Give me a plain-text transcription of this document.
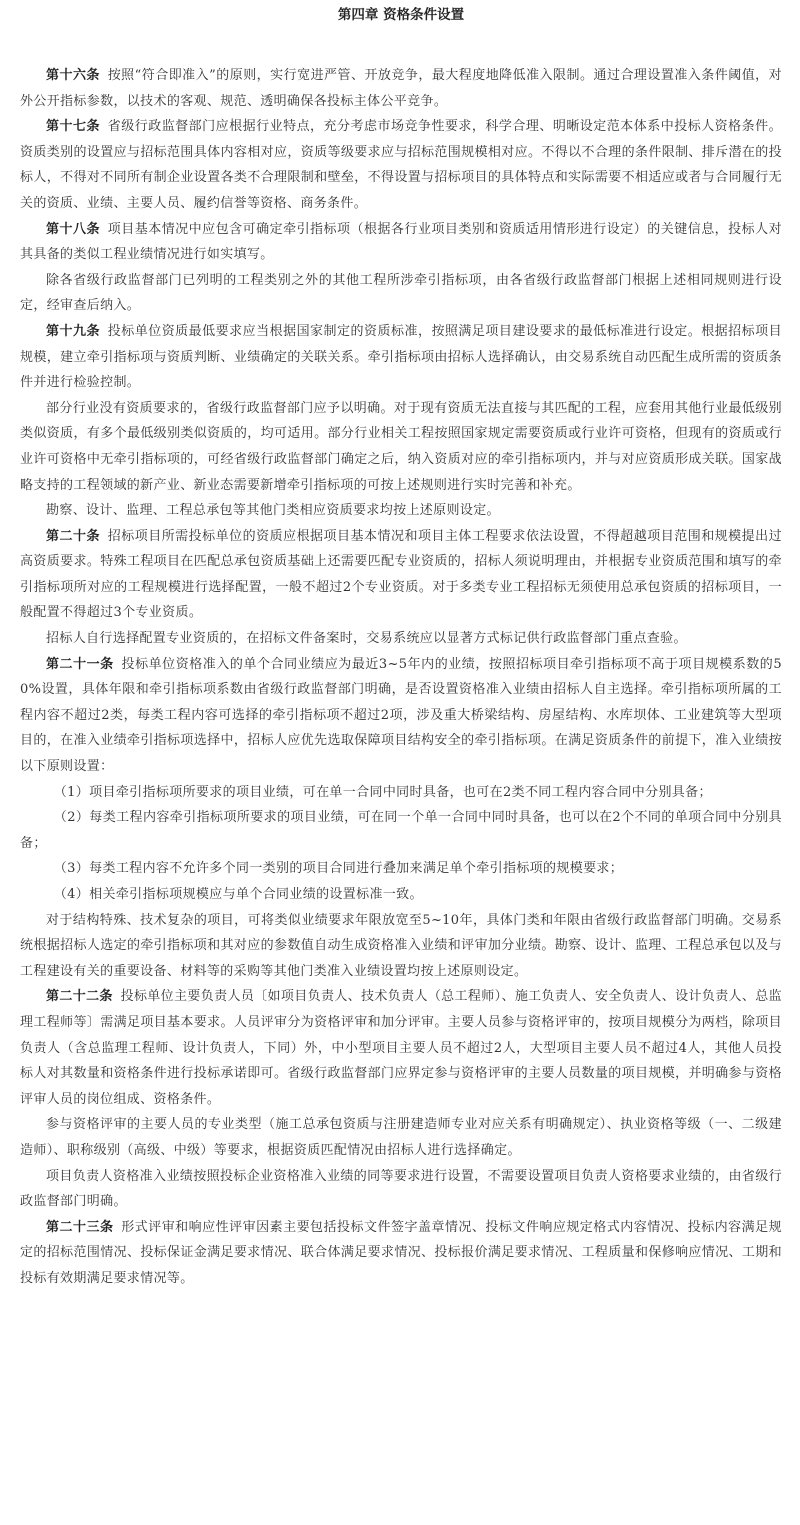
第四章 资格条件设置

第十六条 按照“符合即准入”的原则，实行宽进严管、开放竞争，最大程度地降低准入限制。通过合理设置准入条件阈值，对外公开指标参数，以技术的客观、规范、透明确保各投标主体公平竞争。

第十七条 省级行政监督部门应根据行业特点，充分考虑市场竞争性要求，科学合理、明晰设定范本体系中投标人资格条件。资质类别的设置应与招标范围具体内容相对应，资质等级要求应与招标范围规模相对应。不得以不合理的条件限制、排斥潜在的投标人，不得对不同所有制企业设置各类不合理限制和壁垒，不得设置与招标项目的具体特点和实际需要不相适应或者与合同履行无关的资质、业绩、主要人员、履约信誉等资格、商务条件。

第十八条 项目基本情况中应包含可确定牵引指标项（根据各行业项目类别和资质适用情形进行设定）的关键信息，投标人对其具备的类似工程业绩情况进行如实填写。

除各省级行政监督部门已列明的工程类别之外的其他工程所涉牵引指标项，由各省级行政监督部门根据上述相同规则进行设定，经审查后纳入。

第十九条 投标单位资质最低要求应当根据国家制定的资质标准，按照满足项目建设要求的最低标准进行设定。根据招标项目规模，建立牵引指标项与资质判断、业绩确定的关联关系。牵引指标项由招标人选择确认，由交易系统自动匹配生成所需的资质条件并进行检验控制。

部分行业没有资质要求的，省级行政监督部门应予以明确。对于现有资质无法直接与其匹配的工程，应套用其他行业最低级别类似资质，有多个最低级别类似资质的，均可适用。部分行业相关工程按照国家规定需要资质或行业许可资格，但现有的资质或行业许可资格中无牵引指标项的，可经省级行政监督部门确定之后，纳入资质对应的牵引指标项内，并与对应资质形成关联。国家战略支持的工程领域的新产业、新业态需要新增牵引指标项的可按上述规则进行实时完善和补充。

勘察、设计、监理、工程总承包等其他门类相应资质要求均按上述原则设定。

第二十条 招标项目所需投标单位的资质应根据项目基本情况和项目主体工程要求依法设置，不得超越项目范围和规模提出过高资质要求。特殊工程项目在匹配总承包资质基础上还需要匹配专业资质的，招标人须说明理由，并根据专业资质范围和填写的牵引指标项所对应的工程规模进行选择配置，一般不超过2个专业资质。对于多类专业工程招标无须使用总承包资质的招标项目，一般配置不得超过3个专业资质。

招标人自行选择配置专业资质的，在招标文件备案时，交易系统应以显著方式标记供行政监督部门重点查验。

第二十一条 投标单位资格准入的单个合同业绩应为最近3~5年内的业绩，按照招标项目牵引指标项不高于项目规模系数的50%设置，具体年限和牵引指标项系数由省级行政监督部门明确，是否设置资格准入业绩由招标人自主选择。牵引指标项所属的工程内容不超过2类，每类工程内容可选择的牵引指标项不超过2项，涉及重大桥梁结构、房屋结构、水库坝体、工业建筑等大型项目的，在准入业绩牵引指标项选择中，招标人应优先选取保障项目结构安全的牵引指标项。在满足资质条件的前提下，准入业绩按以下原则设置：

（1）项目牵引指标项所要求的项目业绩，可在单一合同中同时具备，也可在2类不同工程内容合同中分别具备；

（2）每类工程内容牵引指标项所要求的项目业绩，可在同一个单一合同中同时具备，也可以在2个不同的单项合同中分别具备；

（3）每类工程内容不允许多个同一类别的项目合同进行叠加来满足单个牵引指标项的规模要求；

（4）相关牵引指标项规模应与单个合同业绩的设置标准一致。

对于结构特殊、技术复杂的项目，可将类似业绩要求年限放宽至5~10年，具体门类和年限由省级行政监督部门明确。交易系统根据招标人选定的牵引指标项和其对应的参数值自动生成资格准入业绩和评审加分业绩。勘察、设计、监理、工程总承包以及与工程建设有关的重要设备、材料等的采购等其他门类准入业绩设置均按上述原则设定。

第二十二条 投标单位主要负责人员〔如项目负责人、技术负责人（总工程师）、施工负责人、安全负责人、设计负责人、总监理工程师等〕需满足项目基本要求。人员评审分为资格评审和加分评审。主要人员参与资格评审的，按项目规模分为两档，除项目负责人（含总监理工程师、设计负责人，下同）外，中小型项目主要人员不超过2人，大型项目主要人员不超过4人，其他人员投标人对其数量和资格条件进行投标承诺即可。省级行政监督部门应界定参与资格评审的主要人员数量的项目规模，并明确参与资格评审人员的岗位组成、资格条件。

参与资格评审的主要人员的专业类型（施工总承包资质与注册建造师专业对应关系有明确规定）、执业资格等级（一、二级建造师）、职称级别（高级、中级）等要求，根据资质匹配情况由招标人进行选择确定。

项目负责人资格准入业绩按照投标企业资格准入业绩的同等要求进行设置，不需要设置项目负责人资格要求业绩的，由省级行政监督部门明确。

第二十三条 形式评审和响应性评审因素主要包括投标文件签字盖章情况、投标文件响应规定格式内容情况、投标内容满足规定的招标范围情况、投标保证金满足要求情况、联合体满足要求情况、投标报价满足要求情况、工程质量和保修响应情况、工期和投标有效期满足要求情况等。
